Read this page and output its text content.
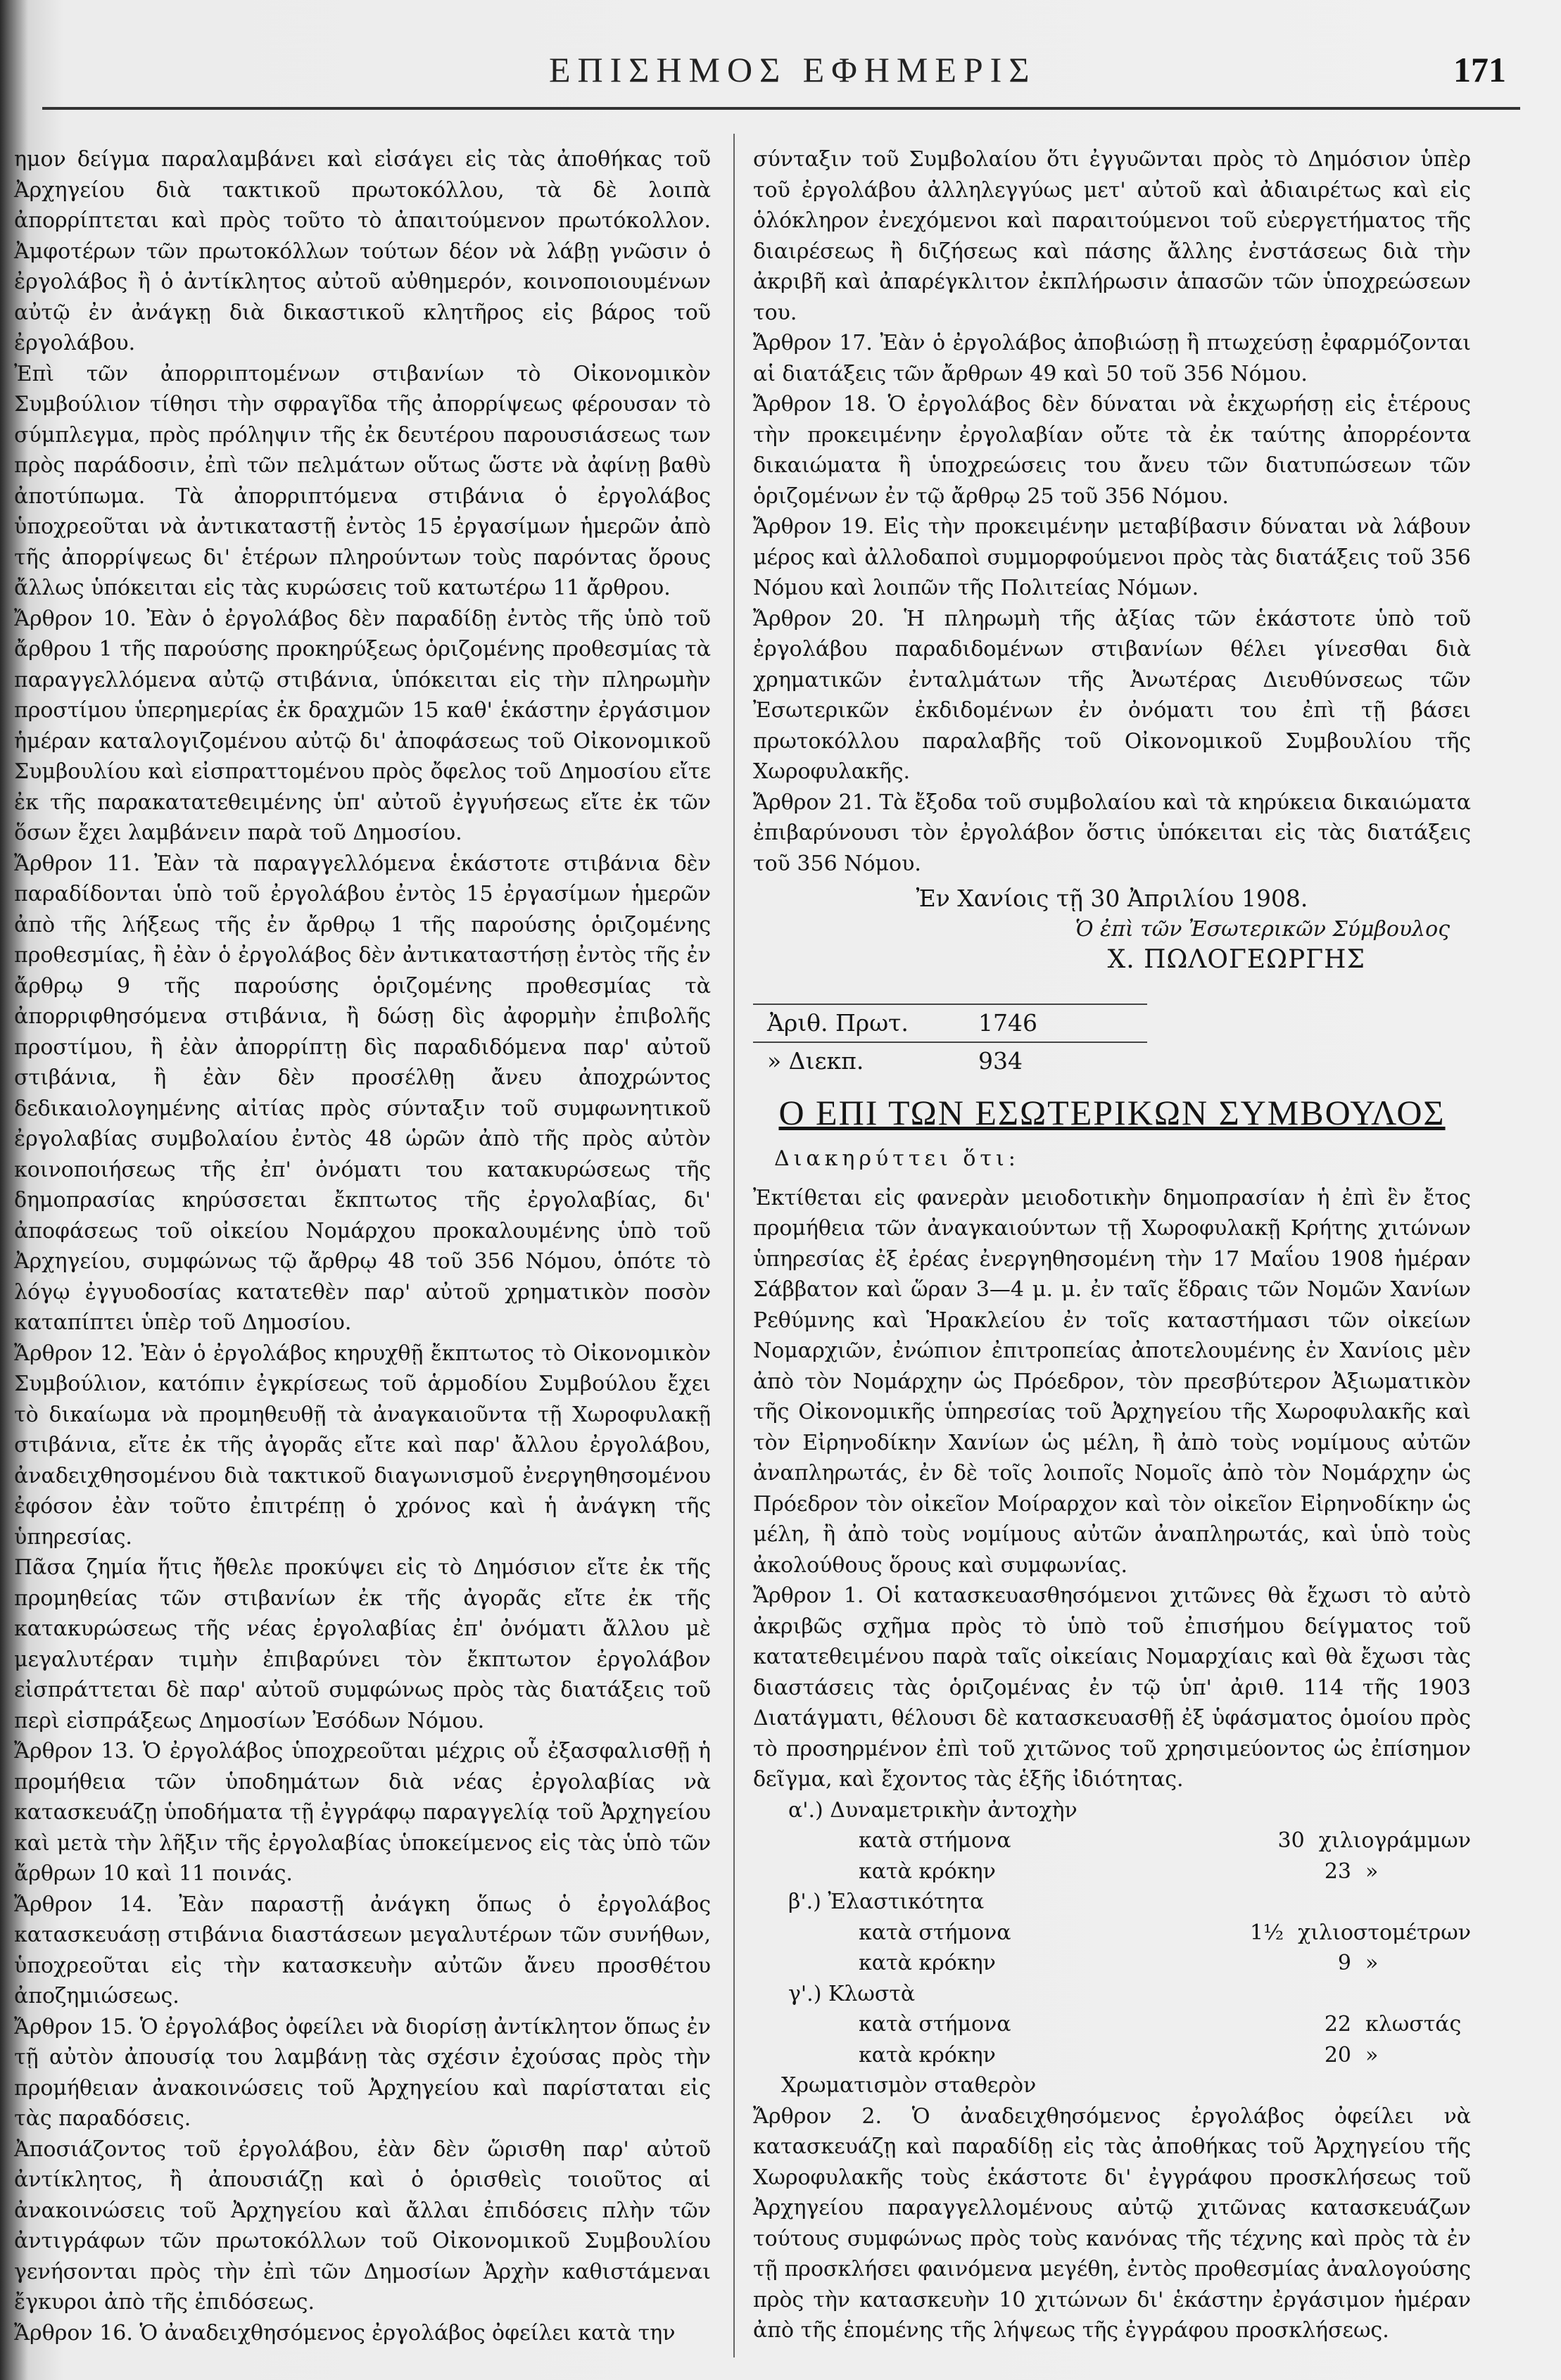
ΕΠΙΣΗΜΟΣ ΕΦΗΜΕΡΙΣ	171

ημον δείγμα παραλαμβάνει καὶ εἰσάγει εἰς τὰς ἀποθήκας τοῦ Ἀρχηγείου διὰ τακτικοῦ πρωτοκόλλου, τὰ δὲ λοιπὰ ἀπορρίπτεται καὶ πρὸς τοῦτο τὸ ἀπαιτούμενον πρωτόκολλον. Ἀμφοτέρων τῶν πρωτοκόλλων τούτων δέον νὰ λάβῃ γνῶσιν ὁ ἐργολάβος ἢ ὁ ἀντίκλητος αὐτοῦ αὐθημερόν, κοινοποιουμένων αὐτῷ ἐν ἀνάγκῃ διὰ δικαστικοῦ κλητῆρος εἰς βάρος τοῦ ἐργολάβου.

Ἐπὶ τῶν ἀπορριπτομένων στιβανίων τὸ Οἰκονομικὸν Συμβούλιον τίθησι τὴν σφραγῖδα τῆς ἀπορρίψεως φέρουσαν τὸ σύμπλεγμα, πρὸς πρόληψιν τῆς ἐκ δευτέρου παρουσιάσεως των πρὸς παράδοσιν, ἐπὶ τῶν πελμάτων οὕτως ὥστε νὰ ἀφίνῃ βαθὺ ἀποτύπωμα. Τὰ ἀπορριπτόμενα στιβάνια ὁ ἐργολάβος ὑποχρεοῦται νὰ ἀντικαταστῇ ἐντὸς 15 ἐργασίμων ἡμερῶν ἀπὸ τῆς ἀπορρίψεως δι' ἑτέρων πληρούντων τοὺς παρόντας ὅρους ἄλλως ὑπόκειται εἰς τὰς κυρώσεις τοῦ κατωτέρω 11 ἄρθρου.

Ἄρθρον 10. Ἐὰν ὁ ἐργολάβος δὲν παραδίδῃ ἐντὸς τῆς ὑπὸ τοῦ ἄρθρου 1 τῆς παρούσης προκηρύξεως ὁριζομένης προθεσμίας τὰ παραγγελλόμενα αὐτῷ στιβάνια, ὑπόκειται εἰς τὴν πληρωμὴν προστίμου ὑπερημερίας ἐκ δραχμῶν 15 καθ' ἑκάστην ἐργάσιμον ἡμέραν καταλογιζομένου αὐτῷ δι' ἀποφάσεως τοῦ Οἰκονομικοῦ Συμβουλίου καὶ εἰσπραττομένου πρὸς ὄφελος τοῦ Δημοσίου εἴτε ἐκ τῆς παρακατατεθειμένης ὑπ' αὐτοῦ ἐγγυήσεως εἴτε ἐκ τῶν ὅσων ἔχει λαμβάνειν παρὰ τοῦ Δημοσίου.

Ἄρθρον 11. Ἐὰν τὰ παραγγελλόμενα ἑκάστοτε στιβάνια δὲν παραδίδονται ὑπὸ τοῦ ἐργολάβου ἐντὸς 15 ἐργασίμων ἡμερῶν ἀπὸ τῆς λήξεως τῆς ἐν ἄρθρῳ 1 τῆς παρούσης ὁριζομένης προθεσμίας, ἢ ἐὰν ὁ ἐργολάβος δὲν ἀντικαταστήσῃ ἐντὸς τῆς ἐν ἄρθρῳ 9 τῆς παρούσης ὁριζομένης προθεσμίας τὰ ἀπορριφθησόμενα στιβάνια, ἢ δώσῃ δὶς ἀφορμὴν ἐπιβολῆς προστίμου, ἢ ἐὰν ἀπορρίπτῃ δὶς παραδιδόμενα παρ' αὐτοῦ στιβάνια, ἢ ἐὰν δὲν προσέλθῃ ἄνευ ἀποχρώντος δεδικαιολογημένης αἰτίας πρὸς σύνταξιν τοῦ συμφωνητικοῦ ἐργολαβίας συμβολαίου ἐντὸς 48 ὡρῶν ἀπὸ τῆς πρὸς αὐτὸν κοινοποιήσεως τῆς ἐπ' ὀνόματι του κατακυρώσεως τῆς δημοπρασίας κηρύσσεται ἔκπτωτος τῆς ἐργολαβίας, δι' ἀποφάσεως τοῦ οἰκείου Νομάρχου προκαλουμένης ὑπὸ τοῦ Ἀρχηγείου, συμφώνως τῷ ἄρθρῳ 48 τοῦ 356 Νόμου, ὁπότε τὸ λόγῳ ἐγγυοδοσίας κατατεθὲν παρ' αὐτοῦ χρηματικὸν ποσὸν καταπίπτει ὑπὲρ τοῦ Δημοσίου.

Ἄρθρον 12. Ἐὰν ὁ ἐργολάβος κηρυχθῇ ἔκπτωτος τὸ Οἰκονομικὸν Συμβούλιον, κατόπιν ἐγκρίσεως τοῦ ἁρμοδίου Συμβούλου ἔχει τὸ δικαίωμα νὰ προμηθευθῇ τὰ ἀναγκαιοῦντα τῇ Χωροφυλακῇ στιβάνια, εἴτε ἐκ τῆς ἀγορᾶς εἴτε καὶ παρ' ἄλλου ἐργολάβου, ἀναδειχθησομένου διὰ τακτικοῦ διαγωνισμοῦ ἐνεργηθησομένου ἐφόσον ἐὰν τοῦτο ἐπιτρέπῃ ὁ χρόνος καὶ ἡ ἀνάγκη τῆς ὑπηρεσίας.

Πᾶσα ζημία ἥτις ἤθελε προκύψει εἰς τὸ Δημόσιον εἴτε ἐκ τῆς προμηθείας τῶν στιβανίων ἐκ τῆς ἀγορᾶς εἴτε ἐκ τῆς κατακυρώσεως τῆς νέας ἐργολαβίας ἐπ' ὀνόματι ἄλλου μὲ μεγαλυτέραν τιμὴν ἐπιβαρύνει τὸν ἔκπτωτον ἐργολάβον εἰσπράττεται δὲ παρ' αὐτοῦ συμφώνως πρὸς τὰς διατάξεις τοῦ περὶ εἰσπράξεως Δημοσίων Ἐσόδων Νόμου.

Ἄρθρον 13. Ὁ ἐργολάβος ὑποχρεοῦται μέχρις οὗ ἐξασφαλισθῇ ἡ προμήθεια τῶν ὑποδημάτων διὰ νέας ἐργολαβίας νὰ κατασκευάζῃ ὑποδήματα τῇ ἐγγράφῳ παραγγελίᾳ τοῦ Ἀρχηγείου καὶ μετὰ τὴν λῆξιν τῆς ἐργολαβίας ὑποκείμενος εἰς τὰς ὑπὸ τῶν ἄρθρων 10 καὶ 11 ποινάς.

Ἄρθρον 14. Ἐὰν παραστῇ ἀνάγκη ὅπως ὁ ἐργολάβος κατασκευάσῃ στιβάνια διαστάσεων μεγαλυτέρων τῶν συνήθων, ὑποχρεοῦται εἰς τὴν κατασκευὴν αὐτῶν ἄνευ προσθέτου ἀποζημιώσεως.

Ἄρθρον 15. Ὁ ἐργολάβος ὀφείλει νὰ διορίσῃ ἀντίκλητον ὅπως ἐν τῇ αὐτὸν ἀπουσίᾳ του λαμβάνῃ τὰς σχέσιν ἐχούσας πρὸς τὴν προμήθειαν ἀνακοινώσεις τοῦ Ἀρχηγείου καὶ παρίσταται εἰς τὰς παραδόσεις.

Ἀποσιάζοντος τοῦ ἐργολάβου, ἐὰν δὲν ὥρισθη παρ' αὐτοῦ ἀντίκλητος, ἢ ἀπουσιάζῃ καὶ ὁ ὁρισθεὶς τοιοῦτος αἱ ἀνακοινώσεις τοῦ Ἀρχηγείου καὶ ἄλλαι ἐπιδόσεις πλὴν τῶν ἀντιγράφων τῶν πρωτοκόλλων τοῦ Οἰκονομικοῦ Συμβουλίου γενήσονται πρὸς τὴν ἐπὶ τῶν Δημοσίων Ἀρχὴν καθιστάμεναι ἔγκυροι ἀπὸ τῆς ἐπιδόσεως.

Ἄρθρον 16. Ὁ ἀναδειχθησόμενος ἐργολάβος ὀφείλει κατὰ την

σύνταξιν τοῦ Συμβολαίου ὅτι ἐγγυῶνται πρὸς τὸ Δημόσιον ὑπὲρ τοῦ ἐργολάβου ἀλληλεγγύως μετ' αὐτοῦ καὶ ἀδιαιρέτως καὶ εἰς ὁλόκληρον ἐνεχόμενοι καὶ παραιτούμενοι τοῦ εὐεργετήματος τῆς διαιρέσεως ἢ διζήσεως καὶ πάσης ἄλλης ἐνστάσεως διὰ τὴν ἀκριβῆ καὶ ἀπαρέγκλιτον ἐκπλήρωσιν ἁπασῶν τῶν ὑποχρεώσεων του.

Ἄρθρον 17. Ἐὰν ὁ ἐργολάβος ἀποβιώσῃ ἢ πτωχεύσῃ ἐφαρμόζονται αἱ διατάξεις τῶν ἄρθρων 49 καὶ 50 τοῦ 356 Νόμου.

Ἄρθρον 18. Ὁ ἐργολάβος δὲν δύναται νὰ ἐκχωρήσῃ εἰς ἑτέρους τὴν προκειμένην ἐργολαβίαν οὔτε τὰ ἐκ ταύτης ἀπορρέοντα δικαιώματα ἢ ὑποχρεώσεις του ἄνευ τῶν διατυπώσεων τῶν ὁριζομένων ἐν τῷ ἄρθρῳ 25 τοῦ 356 Νόμου.

Ἄρθρον 19. Εἰς τὴν προκειμένην μεταβίβασιν δύναται νὰ λάβουν μέρος καὶ ἀλλοδαποὶ συμμορφούμενοι πρὸς τὰς διατάξεις τοῦ 356 Νόμου καὶ λοιπῶν τῆς Πολιτείας Νόμων.

Ἄρθρον 20. Ἡ πληρωμὴ τῆς ἀξίας τῶν ἑκάστοτε ὑπὸ τοῦ ἐργολάβου παραδιδομένων στιβανίων θέλει γίνεσθαι διὰ χρηματικῶν ἐνταλμάτων τῆς Ἀνωτέρας Διευθύνσεως τῶν Ἐσωτερικῶν ἐκδιδομένων ἐν ὀνόματι του ἐπὶ τῇ βάσει πρωτοκόλλου παραλαβῆς τοῦ Οἰκονομικοῦ Συμβουλίου τῆς Χωροφυλακῆς.

Ἄρθρον 21. Τὰ ἔξοδα τοῦ συμβολαίου καὶ τὰ κηρύκεια δικαιώματα ἐπιβαρύνουσι τὸν ἐργολάβον ὅστις ὑπόκειται εἰς τὰς διατάξεις τοῦ 356 Νόμου.

Ἐν Χανίοις τῇ 30 Ἀπριλίου 1908.

Ὁ ἐπὶ τῶν Ἐσωτερικῶν Σύμβουλος

Χ. ΠΩΛΟΓΕΩΡΓΗΣ

Ἀριθ. Πρωτ.	1746
» Διεκπ.	934

Ο ΕΠΙ ΤΩΝ ΕΣΩΤΕΡΙΚΩΝ ΣΥΜΒΟΥΛΟΣ

Διακηρύττει ὅτι:

Ἐκτίθεται εἰς φανερὰν μειοδοτικὴν δημοπρασίαν ἡ ἐπὶ ἓν ἔτος προμήθεια τῶν ἀναγκαιούντων τῇ Χωροφυλακῇ Κρήτης χιτώνων ὑπηρεσίας ἐξ ἐρέας ἐνεργηθησομένη τὴν 17 Μαΐου 1908 ἡμέραν Σάββατον καὶ ὥραν 3—4 μ. μ. ἐν ταῖς ἕδραις τῶν Νομῶν Χανίων Ρεθύμνης καὶ Ἡρακλείου ἐν τοῖς καταστήμασι τῶν οἰκείων Νομαρχιῶν, ἐνώπιον ἐπιτροπείας ἀποτελουμένης ἐν Χανίοις μὲν ἀπὸ τὸν Νομάρχην ὡς Πρόεδρον, τὸν πρεσβύτερον Ἀξιωματικὸν τῆς Οἰκονομικῆς ὑπηρεσίας τοῦ Ἀρχηγείου τῆς Χωροφυλακῆς καὶ τὸν Εἰρηνοδίκην Χανίων ὡς μέλη, ἢ ἀπὸ τοὺς νομίμους αὐτῶν ἀναπληρωτάς, ἐν δὲ τοῖς λοιποῖς Νομοῖς ἀπὸ τὸν Νομάρχην ὡς Πρόεδρον τὸν οἰκεῖον Μοίραρχον καὶ τὸν οἰκεῖον Εἰρηνοδίκην ὡς μέλη, ἢ ἀπὸ τοὺς νομίμους αὐτῶν ἀναπληρωτάς, καὶ ὑπὸ τοὺς ἀκολούθους ὅρους καὶ συμφωνίας.

Ἄρθρον 1. Οἱ κατασκευασθησόμενοι χιτῶνες θὰ ἔχωσι τὸ αὐτὸ ἀκριβῶς σχῆμα πρὸς τὸ ὑπὸ τοῦ ἐπισήμου δείγματος τοῦ κατατεθειμένου παρὰ ταῖς οἰκείαις Νομαρχίαις καὶ θὰ ἔχωσι τὰς διαστάσεις τὰς ὁριζομένας ἐν τῷ ὑπ' ἀριθ. 114 τῆς 1903 Διατάγματι, θέλουσι δὲ κατασκευασθῇ ἐξ ὑφάσματος ὁμοίου πρὸς τὸ προσηρμένον ἐπὶ τοῦ χιτῶνος τοῦ χρησιμεύοντος ὡς ἐπίσημον δεῖγμα, καὶ ἔχοντος τὰς ἑξῆς ἰδιότητας.

α'.) Δυναμετρικὴν ἀντοχὴν

κατὰ στήμονα	30 χιλιογράμμων
κατὰ κρόκην	23 »

β'.) Ἐλαστικότητα

κατὰ στήμονα	1½ χιλιοστομέτρων
κατὰ κρόκην	9 »

γ'.) Κλωστὰ

κατὰ στήμονα	22 κλωστάς
κατὰ κρόκην	20 »

Χρωματισμὸν σταθερὸν

Ἄρθρον 2. Ὁ ἀναδειχθησόμενος ἐργολάβος ὀφείλει νὰ κατασκευάζῃ καὶ παραδίδῃ εἰς τὰς ἀποθήκας τοῦ Ἀρχηγείου τῆς Χωροφυλακῆς τοὺς ἑκάστοτε δι' ἐγγράφου προσκλήσεως τοῦ Ἀρχηγείου παραγγελλομένους αὐτῷ χιτῶνας κατασκευάζων τούτους συμφώνως πρὸς τοὺς κανόνας τῆς τέχνης καὶ πρὸς τὰ ἐν τῇ προσκλήσει φαινόμενα μεγέθη, ἐντὸς προθεσμίας ἀναλογούσης πρὸς τὴν κατασκευὴν 10 χιτώνων δι' ἑκάστην ἐργάσιμον ἡμέραν ἀπὸ τῆς ἑπομένης τῆς λήψεως τῆς ἐγγράφου προσκλήσεως.
